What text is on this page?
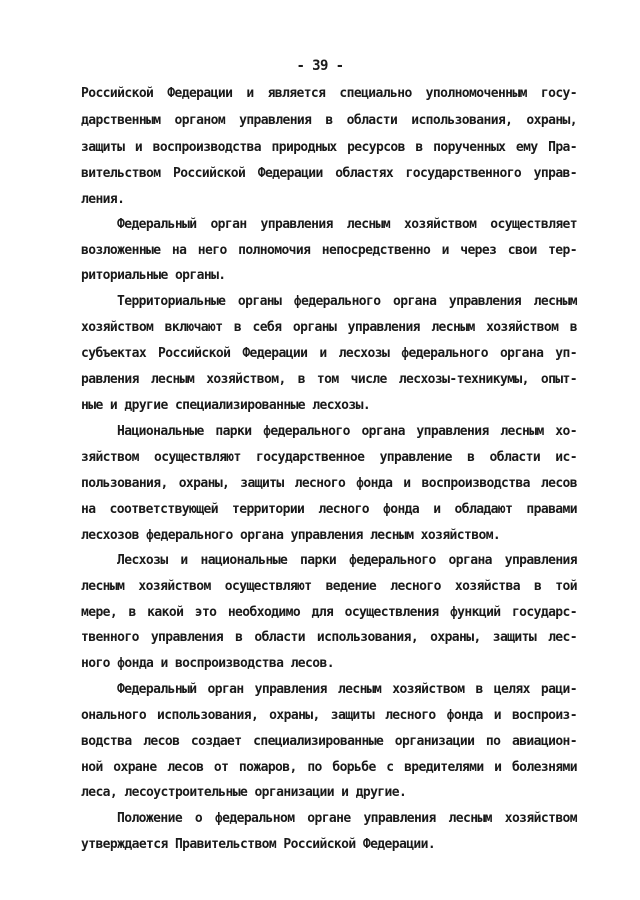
- 39 -
Российской Федерации и является специально уполномоченным госу-
дарственным органом управления в области использования, охраны,
защиты и воспроизводства природных ресурсов в порученных ему Пра-
вительством Российской Федерации областях государственного управ-
ления.
Федеральный орган управления лесным хозяйством осуществляет
возложенные на него полномочия непосредственно и через свои тер-
риториальные органы.
Территориальные органы федерального органа управления лесным
хозяйством включают в себя органы управления лесным хозяйством в
субъектах Российской Федерации и лесхозы федерального органа уп-
равления лесным хозяйством, в том числе лесхозы-техникумы, опыт-
ные и другие специализированные лесхозы.
Национальные парки федерального органа управления лесным хо-
зяйством осуществляют государственное управление в области ис-
пользования, охраны, защиты лесного фонда и воспроизводства лесов
на соответствующей территории лесного фонда и обладают правами
лесхозов федерального органа управления лесным хозяйством.
Лесхозы и национальные парки федерального органа управления
лесным хозяйством осуществляют ведение лесного хозяйства в той
мере, в какой это необходимо для осуществления функций государс-
твенного управления в области использования, охраны, защиты лес-
ного фонда и воспроизводства лесов.
Федеральный орган управления лесным хозяйством в целях раци-
онального использования, охраны, защиты лесного фонда и воспроиз-
водства лесов создает специализированные организации по авиацион-
ной охране лесов от пожаров, по борьбе с вредителями и болезнями
леса, лесоустроительные организации и другие.
Положение о федеральном органе управления лесным хозяйством
утверждается Правительством Российской Федерации.
